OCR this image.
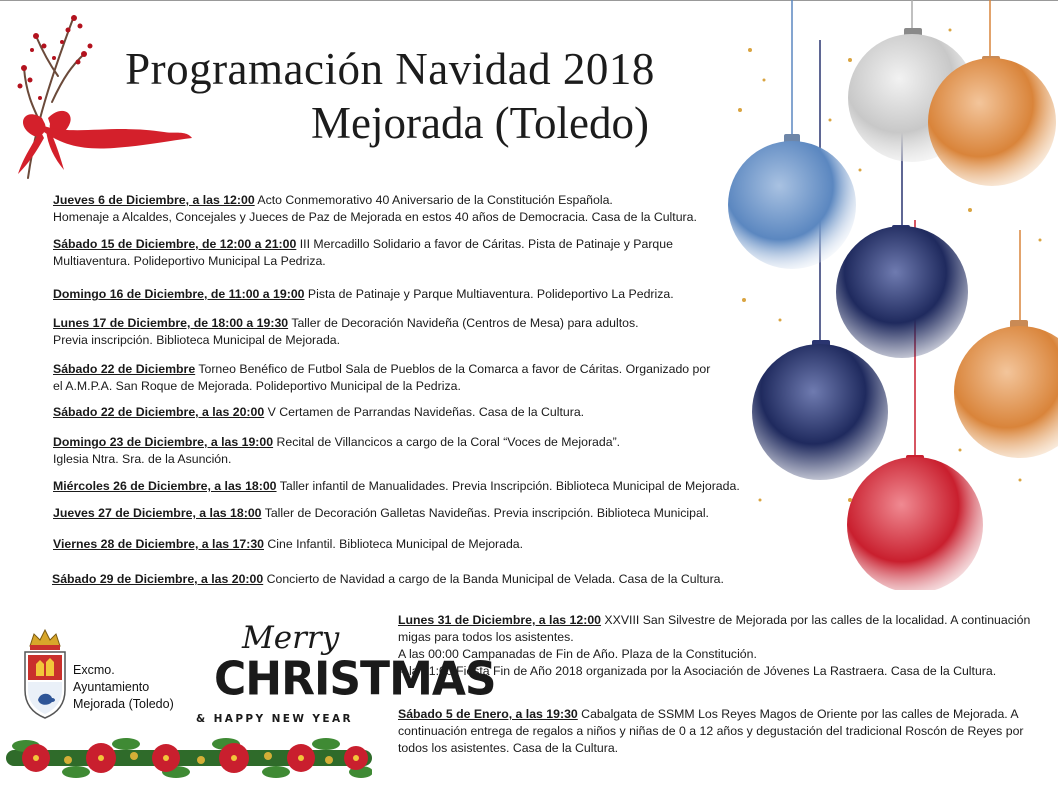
Programación Navidad 2018
Mejorada (Toledo)
Jueves 6 de Diciembre, a las 12:00 Acto Conmemorativo 40 Aniversario de la Constitución Española.
Homenaje a Alcaldes, Concejales y Jueces de Paz de Mejorada en estos 40 años de Democracia. Casa de la Cultura.
Sábado 15 de Diciembre, de 12:00 a 21:00 III Mercadillo Solidario a favor de Cáritas. Pista de Patinaje y Parque
Multiaventura. Polideportivo Municipal La Pedriza.
Domingo 16 de Diciembre, de 11:00 a 19:00 Pista de Patinaje y Parque Multiaventura. Polideportivo La Pedriza.
Lunes 17 de Diciembre, de 18:00 a 19:30 Taller de Decoración Navideña (Centros de Mesa) para adultos.
Previa inscripción. Biblioteca Municipal de Mejorada.
Sábado 22 de Diciembre Torneo Benéfico de Futbol Sala de Pueblos de la Comarca a favor de Cáritas. Organizado por
el A.M.P.A. San Roque de Mejorada. Polideportivo Municipal de la Pedriza.
Sábado 22 de Diciembre, a las 20:00 V Certamen de Parrandas Navideñas. Casa de la Cultura.
Domingo 23 de Diciembre, a las 19:00 Recital de Villancicos a cargo de la Coral “Voces de Mejorada”.
Iglesia Ntra. Sra. de la Asunción.
Miércoles 26 de Diciembre, a las 18:00 Taller infantil de Manualidades. Previa Inscripción. Biblioteca Municipal de Mejorada.
Jueves 27 de Diciembre, a las 18:00 Taller de Decoración Galletas Navideñas. Previa inscripción. Biblioteca Municipal.
Viernes 28 de Diciembre, a las 17:30 Cine Infantil. Biblioteca Municipal de Mejorada.
Sábado 29 de Diciembre, a las 20:00 Concierto de Navidad a cargo de la Banda Municipal de Velada. Casa de la Cultura.
Lunes 31 de Diciembre, a las 12:00 XXVIII San Silvestre de Mejorada por las calles de la localidad. A continuación
migas para todos los asistentes.
A las 00:00 Campanadas de Fin de Año. Plaza de la Constitución.
A la 01:00 Fiesta Fin de Año 2018 organizada por la Asociación de Jóvenes La Rastraera. Casa de la Cultura.
Sábado 5 de Enero, a las 19:30 Cabalgata de SSMM Los Reyes Magos de Oriente por las calles de Mejorada. A
continuación entrega de regalos a niños y niñas de 0 a 12 años y degustación del tradicional Roscón de Reyes por
todos los asistentes. Casa de la Cultura.
Excmo.
Ayuntamiento
Mejorada (Toledo)
Merry
CHRISTMAS
& HAPPY NEW YEAR
